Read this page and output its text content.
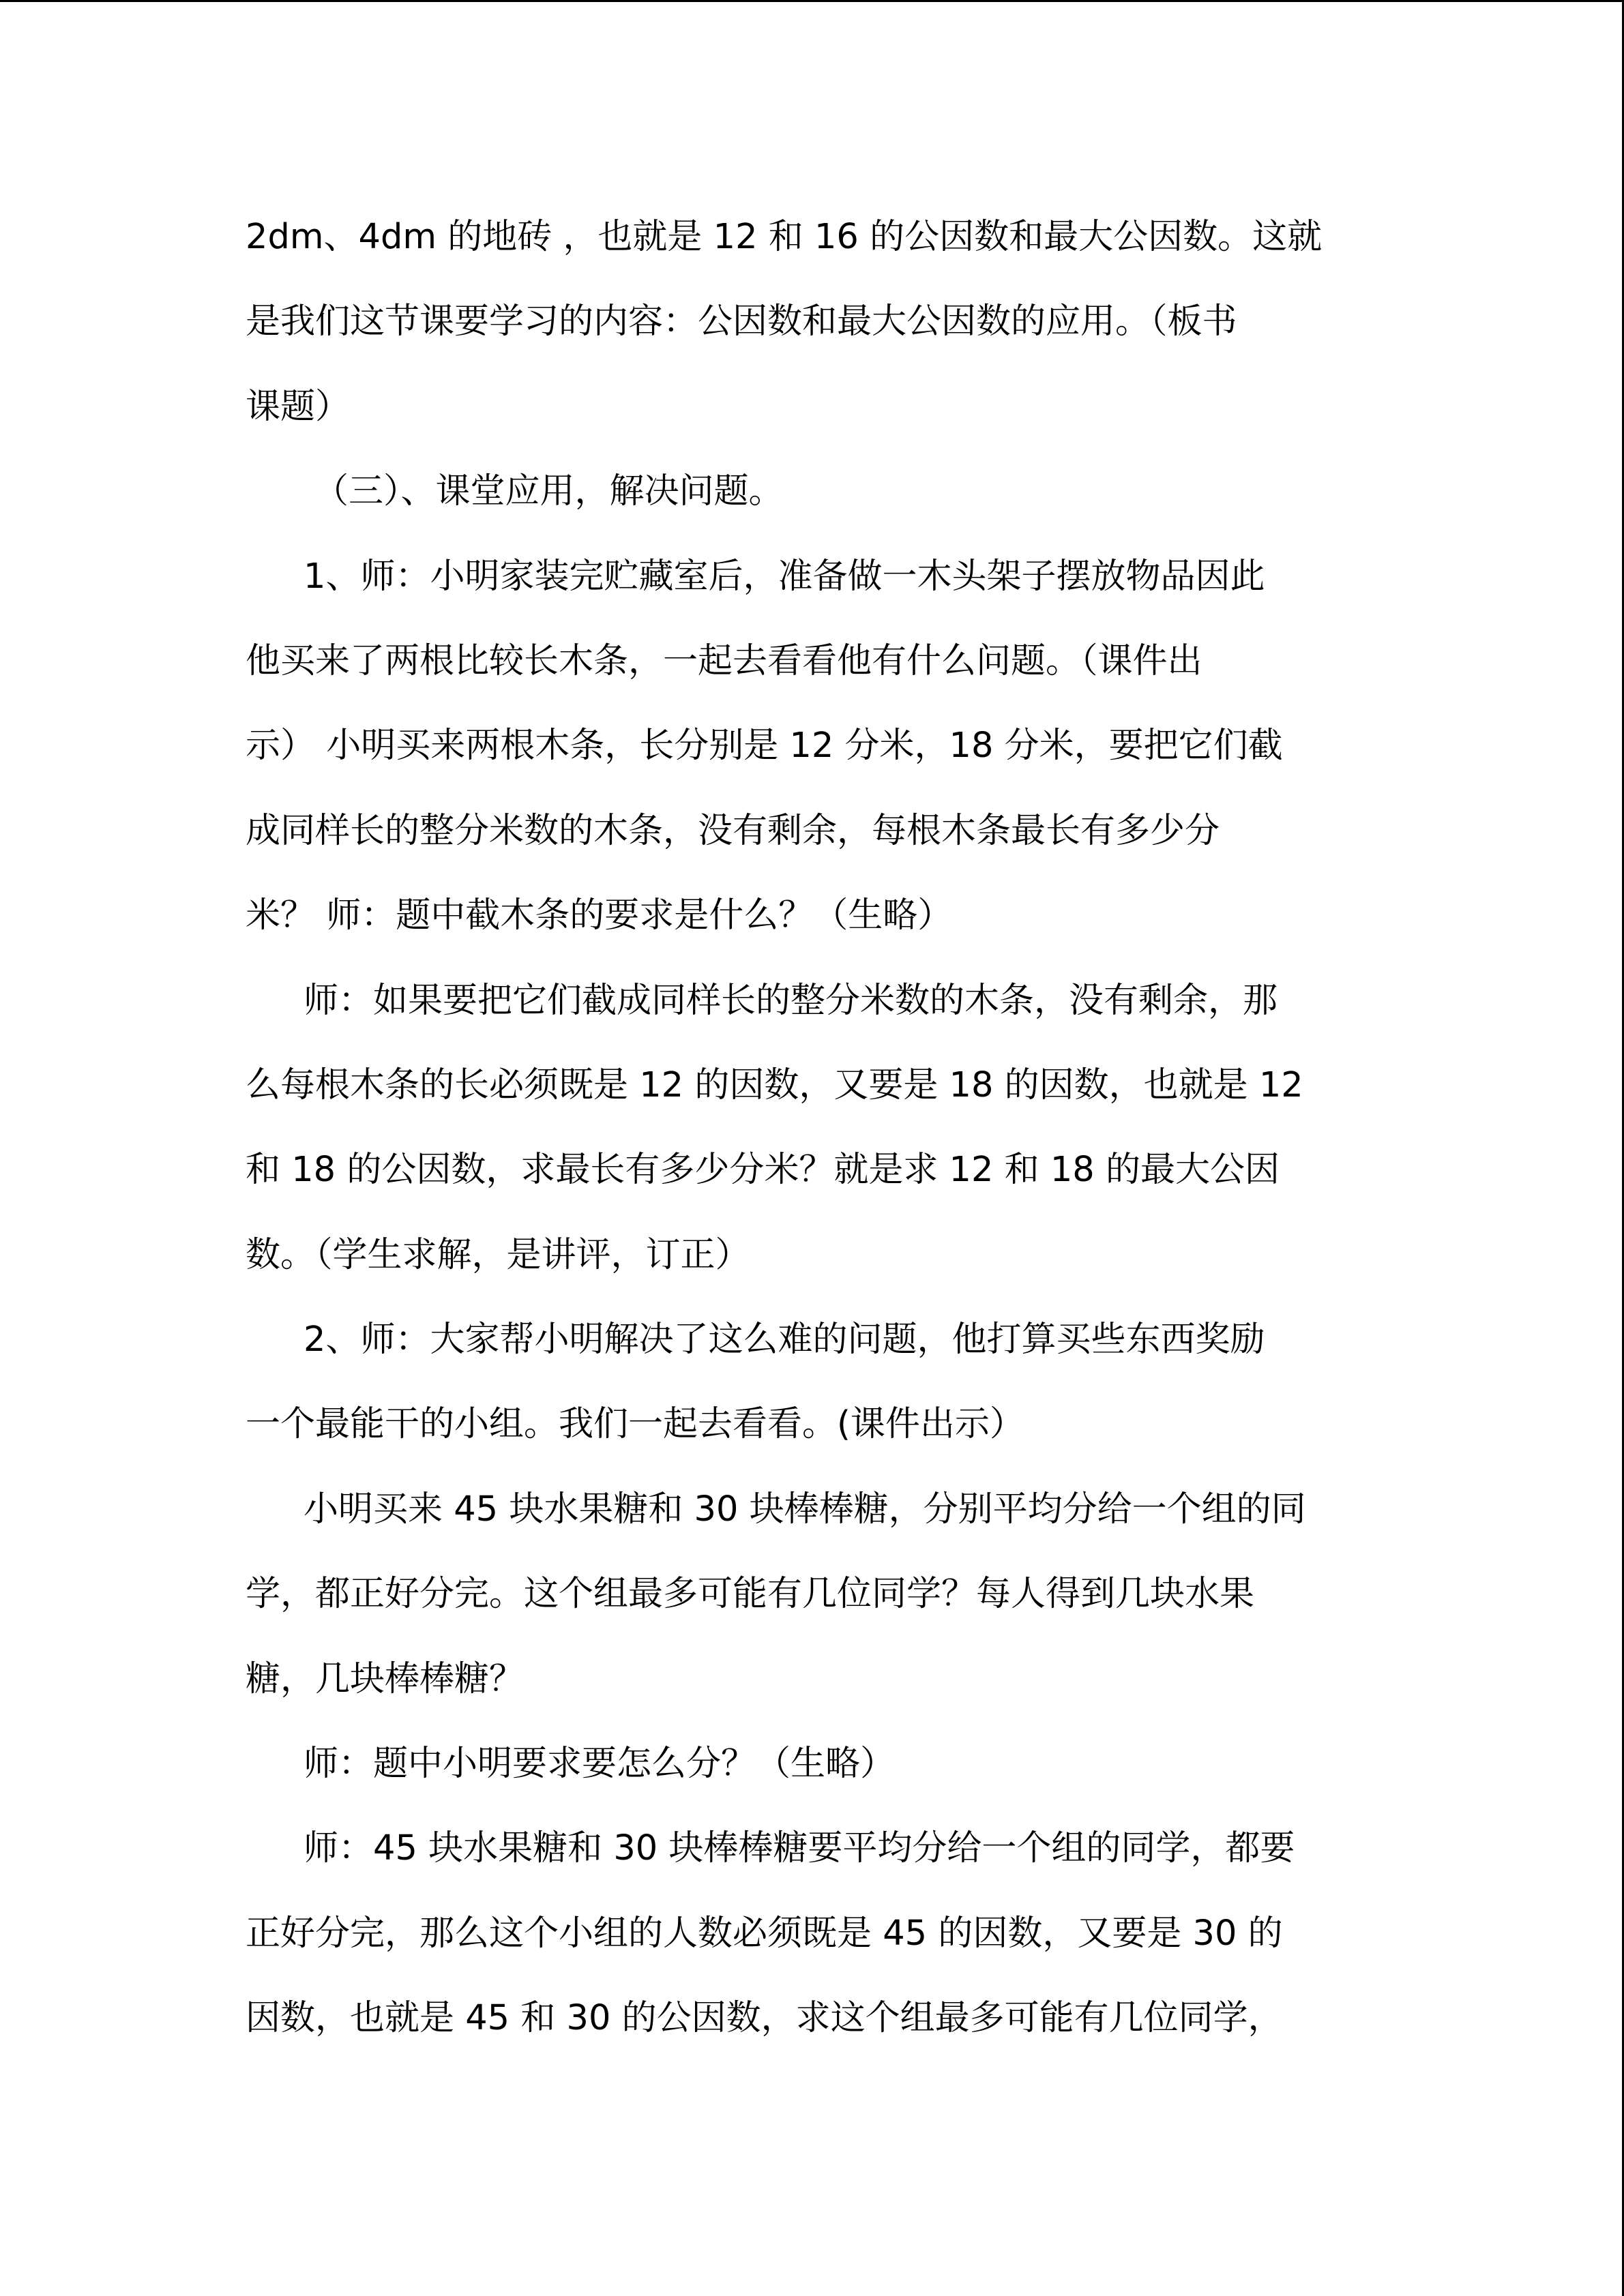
2dm、4dm 的地砖 ，也就是 12 和 16 的公因数和最大公因数。这就
是我们这节课要学习的内容：公因数和最大公因数的应用。（板书
课题）
（三）、课堂应用，解决问题。
1、师：小明家装完贮藏室后，准备做一木头架子摆放物品因此
他买来了两根比较长木条，一起去看看他有什么问题。（课件出
示） 小明买来两根木条，长分别是 12 分米，18 分米，要把它们截
成同样长的整分米数的木条，没有剩余，每根木条最长有多少分
米？ 师：题中截木条的要求是什么？（生略）
师：如果要把它们截成同样长的整分米数的木条，没有剩余，那
么每根木条的长必须既是 12 的因数，又要是 18 的因数，也就是 12
和 18 的公因数，求最长有多少分米？就是求 12 和 18 的最大公因
数。（学生求解，是讲评，订正）
2、师：大家帮小明解决了这么难的问题，他打算买些东西奖励
一个最能干的小组。我们一起去看看。(课件出示）
小明买来 45 块水果糖和 30 块棒棒糖，分别平均分给一个组的同
学，都正好分完。这个组最多可能有几位同学？每人得到几块水果
糖，几块棒棒糖？
师：题中小明要求要怎么分？（生略）
师：45 块水果糖和 30 块棒棒糖要平均分给一个组的同学，都要
正好分完，那么这个小组的人数必须既是 45 的因数，又要是 30 的
因数，也就是 45 和 30 的公因数，求这个组最多可能有几位同学，
